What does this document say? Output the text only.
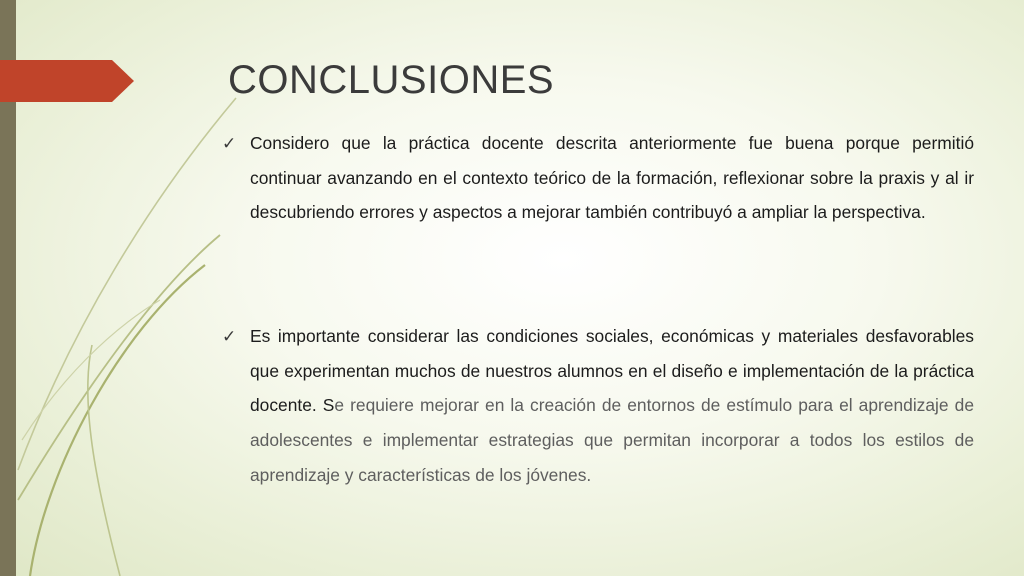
CONCLUSIONES
✓ Considero que la práctica docente descrita anteriormente fue buena porque permitió continuar avanzando en el contexto teórico de la formación, reflexionar sobre la praxis y al ir descubriendo errores y aspectos a mejorar también contribuyó a ampliar la perspectiva.
✓ Es importante considerar las condiciones sociales, económicas y materiales desfavorables que experimentan muchos de nuestros alumnos en el diseño e implementación de la práctica docente. Se requiere mejorar en la creación de entornos de estímulo para el aprendizaje de adolescentes e implementar estrategias que permitan incorporar a todos los estilos de aprendizaje y características de los jóvenes.
